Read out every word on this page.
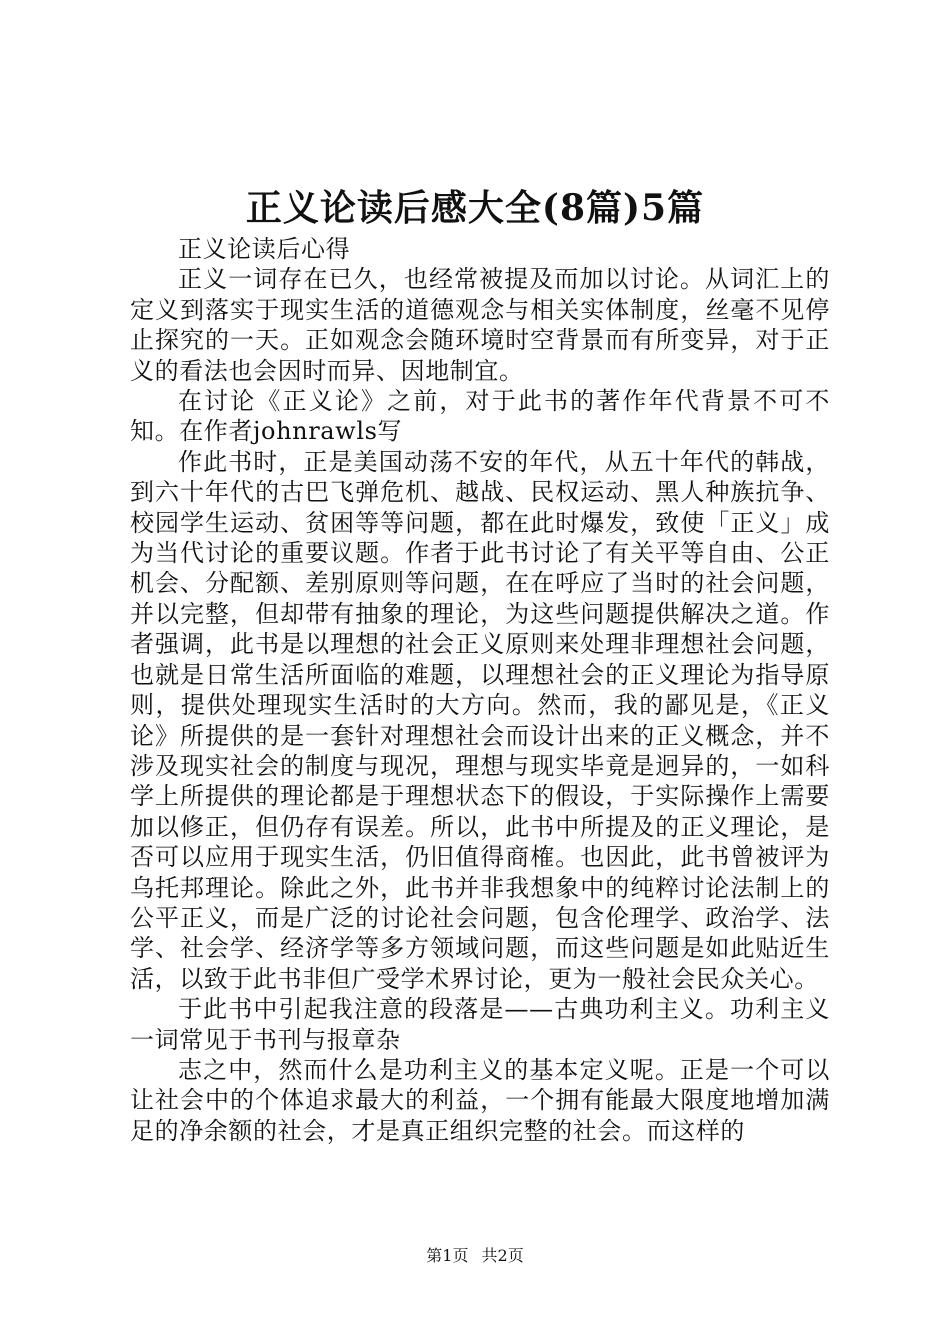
正义论读后感大全(8篇)5篇

正义论读后心得

正义一词存在已久，也经常被提及而加以讨论。从词汇上的定义到落实于现实生活的道德观念与相关实体制度，丝毫不见停止探究的一天。正如观念会随环境时空背景而有所变异，对于正义的看法也会因时而异、因地制宜。

在讨论《正义论》之前，对于此书的著作年代背景不可不知。在作者johnrawls写

作此书时，正是美国动荡不安的年代，从五十年代的韩战，到六十年代的古巴飞弹危机、越战、民权运动、黑人种族抗争、校园学生运动、贫困等等问题，都在此时爆发，致使「正义」成为当代讨论的重要议题。作者于此书讨论了有关平等自由、公正机会、分配额、差别原则等问题，在在呼应了当时的社会问题，并以完整，但却带有抽象的理论，为这些问题提供解决之道。作者强调，此书是以理想的社会正义原则来处理非理想社会问题，也就是日常生活所面临的难题，以理想社会的正义理论为指导原则，提供处理现实生活时的大方向。然而，我的鄙见是，《正义论》所提供的是一套针对理想社会而设计出来的正义概念，并不涉及现实社会的制度与现况，理想与现实毕竟是迥异的，一如科学上所提供的理论都是于理想状态下的假设，于实际操作上需要加以修正，但仍存有误差。所以，此书中所提及的正义理论，是否可以应用于现实生活，仍旧值得商榷。也因此，此书曾被评为乌托邦理论。除此之外，此书并非我想象中的纯粹讨论法制上的公平正义，而是广泛的讨论社会问题，包含伦理学、政治学、法学、社会学、经济学等多方领域问题，而这些问题是如此贴近生活，以致于此书非但广受学术界讨论，更为一般社会民众关心。

于此书中引起我注意的段落是——古典功利主义。功利主义一词常见于书刊与报章杂

志之中，然而什么是功利主义的基本定义呢。正是一个可以让社会中的个体追求最大的利益，一个拥有能最大限度地增加满足的净余额的社会，才是真正组织完整的社会。而这样的

第1页 共2页
